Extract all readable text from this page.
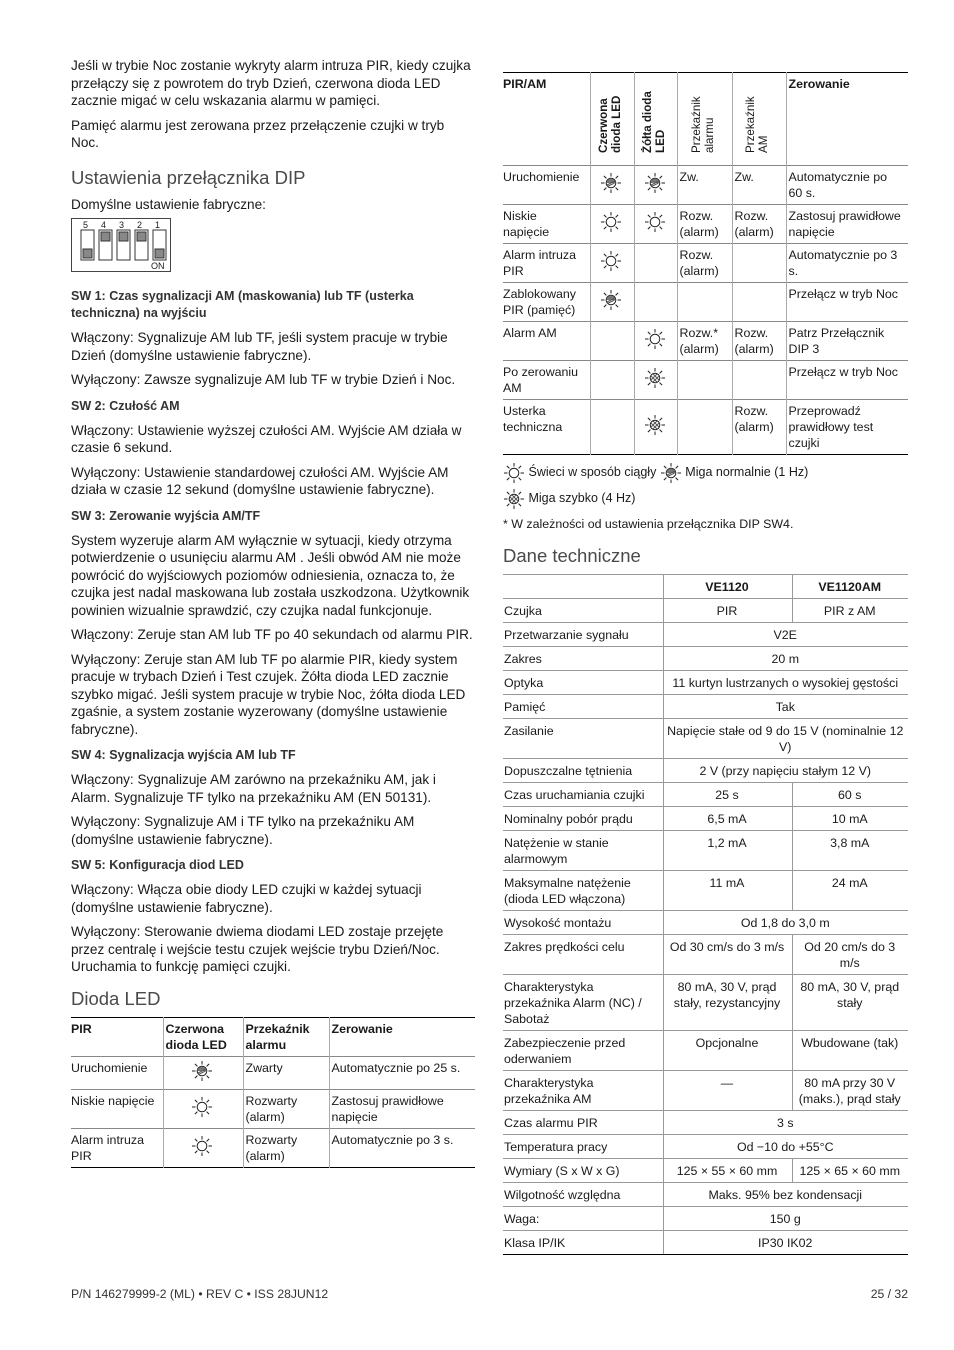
Jeśli w trybie Noc zostanie wykryty alarm intruza PIR, kiedy czujka przełączy się z powrotem do tryb Dzień, czerwona dioda LED zacznie migać w celu wskazania alarmu w pamięci.

Pamięć alarmu jest zerowana przez przełączenie czujki w tryb Noc.

Ustawienia przełącznika DIP

Domyślne ustawienie fabryczne:

5 4 3 2 1
ON
SW 1: Czas sygnalizacji AM (maskowania) lub TF (usterka techniczna) na wyjściu

Włączony: Sygnalizuje AM lub TF, jeśli system pracuje w trybie Dzień (domyślne ustawienie fabryczne).

Wyłączony: Zawsze sygnalizuje AM lub TF w trybie Dzień i Noc.

SW 2: Czułość AM

Włączony: Ustawienie wyższej czułości AM. Wyjście AM działa w czasie 6 sekund.

Wyłączony: Ustawienie standardowej czułości AM. Wyjście AM działa w czasie 12 sekund (domyślne ustawienie fabryczne).

SW 3: Zerowanie wyjścia AM/TF

System wyzeruje alarm AM wyłącznie w sytuacji, kiedy otrzyma potwierdzenie o usunięciu alarmu AM . Jeśli obwód AM nie może powrócić do wyjściowych poziomów odniesienia, oznacza to, że czujka jest nadal maskowana lub została uszkodzona. Użytkownik powinien wizualnie sprawdzić, czy czujka nadal funkcjonuje.

Włączony: Zeruje stan AM lub TF po 40 sekundach od alarmu PIR.

Wyłączony: Zeruje stan AM lub TF po alarmie PIR, kiedy system pracuje w trybach Dzień i Test czujek. Żółta dioda LED zacznie szybko migać. Jeśli system pracuje w trybie Noc, żółta dioda LED zgaśnie, a system zostanie wyzerowany (domyślne ustawienie fabryczne).

SW 4: Sygnalizacja wyjścia AM lub TF

Włączony: Sygnalizuje AM zarówno na przekaźniku AM, jak i Alarm. Sygnalizuje TF tylko na przekaźniku AM (EN 50131).

Wyłączony: Sygnalizuje AM i TF tylko na przekaźniku AM (domyślne ustawienie fabryczne).

SW 5: Konfiguracja diod LED

Włączony: Włącza obie diody LED czujki w każdej sytuacji (domyślne ustawienie fabryczne).

Wyłączony: Sterowanie dwiema diodami LED zostaje przejęte przez centralę i wejście testu czujek wejście trybu Dzień/Noc. Uruchamia to funkcję pamięci czujki.

Dioda LED
PIR	Czerwona dioda LED	Przekaźnik alarmu	Zerowanie
Uruchomienie		Zwarty	Automatycznie po 25 s.
Niskie napięcie		Rozwarty (alarm)	Zastosuj prawidłowe napięcie
Alarm intruza PIR		Rozwarty (alarm)	Automatycznie po 3 s.
PIR/AM	Czerwona dioda LED	Żółta dioda LED	Przekaźnik alarmu	Przekaźnik AM	Zerowanie
Uruchomienie			Zw.	Zw.	Automatycznie po 60 s.
Niskie napięcie			Rozw. (alarm)	Rozw. (alarm)	Zastosuj prawidłowe napięcie
Alarm intruza PIR			Rozw. (alarm)		Automatycznie po 3 s.
Zablokowany PIR (pamięć)					Przełącz w tryb Noc
Alarm AM			Rozw.* (alarm)	Rozw. (alarm)	Patrz Przełącznik DIP 3
Po zerowaniu AM					Przełącz w tryb Noc
Usterka techniczna				Rozw. (alarm)	Przeprowadź prawidłowy test czujki
Świeci w sposób ciągły Miga normalnie (1 Hz)
Miga szybko (4 Hz)

* W zależności od ustawienia przełącznika DIP SW4.

Dane techniczne
	VE1120	VE1120AM
Czujka	PIR	PIR z AM
Przetwarzanie sygnału	V2E	
Zakres	20 m	
Optyka	11 kurtyn lustrzanych o wysokiej gęstości	
Pamięć	Tak	
Zasilanie	Napięcie stałe od 9 do 15 V (nominalnie 12 V)	
Dopuszczalne tętnienia	2 V (przy napięciu stałym 12 V)	
Czas uruchamiania czujki	25 s	60 s
Nominalny pobór prądu	6,5 mA	10 mA
Natężenie w stanie alarmowym	1,2 mA	3,8 mA
Maksymalne natężenie (dioda LED włączona)	11 mA	24 mA
Wysokość montażu	Od 1,8 do 3,0 m	
Zakres prędkości celu	Od 30 cm/s do 3 m/s	Od 20 cm/s do 3 m/s
Charakterystyka przekaźnika Alarm (NC) / Sabotaż	80 mA, 30 V, prąd stały, rezystancyjny	80 mA, 30 V, prąd stały
Zabezpieczenie przed oderwaniem	Opcjonalne	Wbudowane (tak)
Charakterystyka przekaźnika AM	—	80 mA przy 30 V (maks.), prąd stały
Czas alarmu PIR	3 s	
Temperatura pracy	Od −10 do +55°C	
Wymiary (S x W x G)	125 × 55 × 60 mm	125 × 65 × 60 mm
Wilgotność względna	Maks. 95% bez kondensacji	
Waga:	150 g	
Klasa IP/IK	IP30 IK02	
P/N 146279999-2 (ML) • REV C • ISS 28JUN12	25 / 32
